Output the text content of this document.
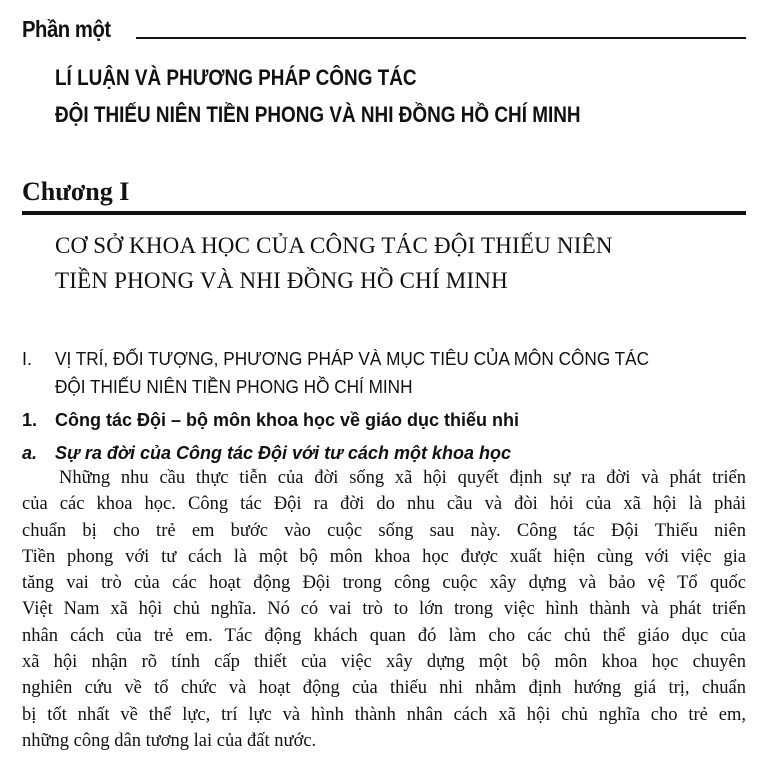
Phần một
LÍ LUẬN VÀ PHƯƠNG PHÁP CÔNG TÁC
ĐỘI THIẾU NIÊN TIỀN PHONG VÀ NHI ĐỒNG HỒ CHÍ MINH
Chương I
CƠ SỞ KHOA HỌC CỦA CÔNG TÁC ĐỘI THIẾU NIÊN
TIỀN PHONG VÀ NHI ĐỒNG HỒ CHÍ MINH
I. VỊ TRÍ, ĐỐI TƯỢNG, PHƯƠNG PHÁP VÀ MỤC TIÊU CỦA MÔN CÔNG TÁC
ĐỘI THIẾU NIÊN TIỀN PHONG HỒ CHÍ MINH
1. Công tác Đội – bộ môn khoa học về giáo dục thiếu nhi
a. Sự ra đời của Công tác Đội với tư cách một khoa học
Những nhu cầu thực tiễn của đời sống xã hội quyết định sự ra đời và phát triển
của các khoa học. Công tác Đội ra đời do nhu cầu và đòi hỏi của xã hội là phải
chuẩn bị cho trẻ em bước vào cuộc sống sau này. Công tác Đội Thiếu niên
Tiền phong với tư cách là một bộ môn khoa học được xuất hiện cùng với việc gia
tăng vai trò của các hoạt động Đội trong công cuộc xây dựng và bảo vệ Tổ quốc
Việt Nam xã hội chủ nghĩa. Nó có vai trò to lớn trong việc hình thành và phát triển
nhân cách của trẻ em. Tác động khách quan đó làm cho các chủ thể giáo dục của
xã hội nhận rõ tính cấp thiết của việc xây dựng một bộ môn khoa học chuyên
nghiên cứu về tổ chức và hoạt động của thiếu nhi nhằm định hướng giá trị, chuẩn
bị tốt nhất về thể lực, trí lực và hình thành nhân cách xã hội chủ nghĩa cho trẻ em,
những công dân tương lai của đất nước.
